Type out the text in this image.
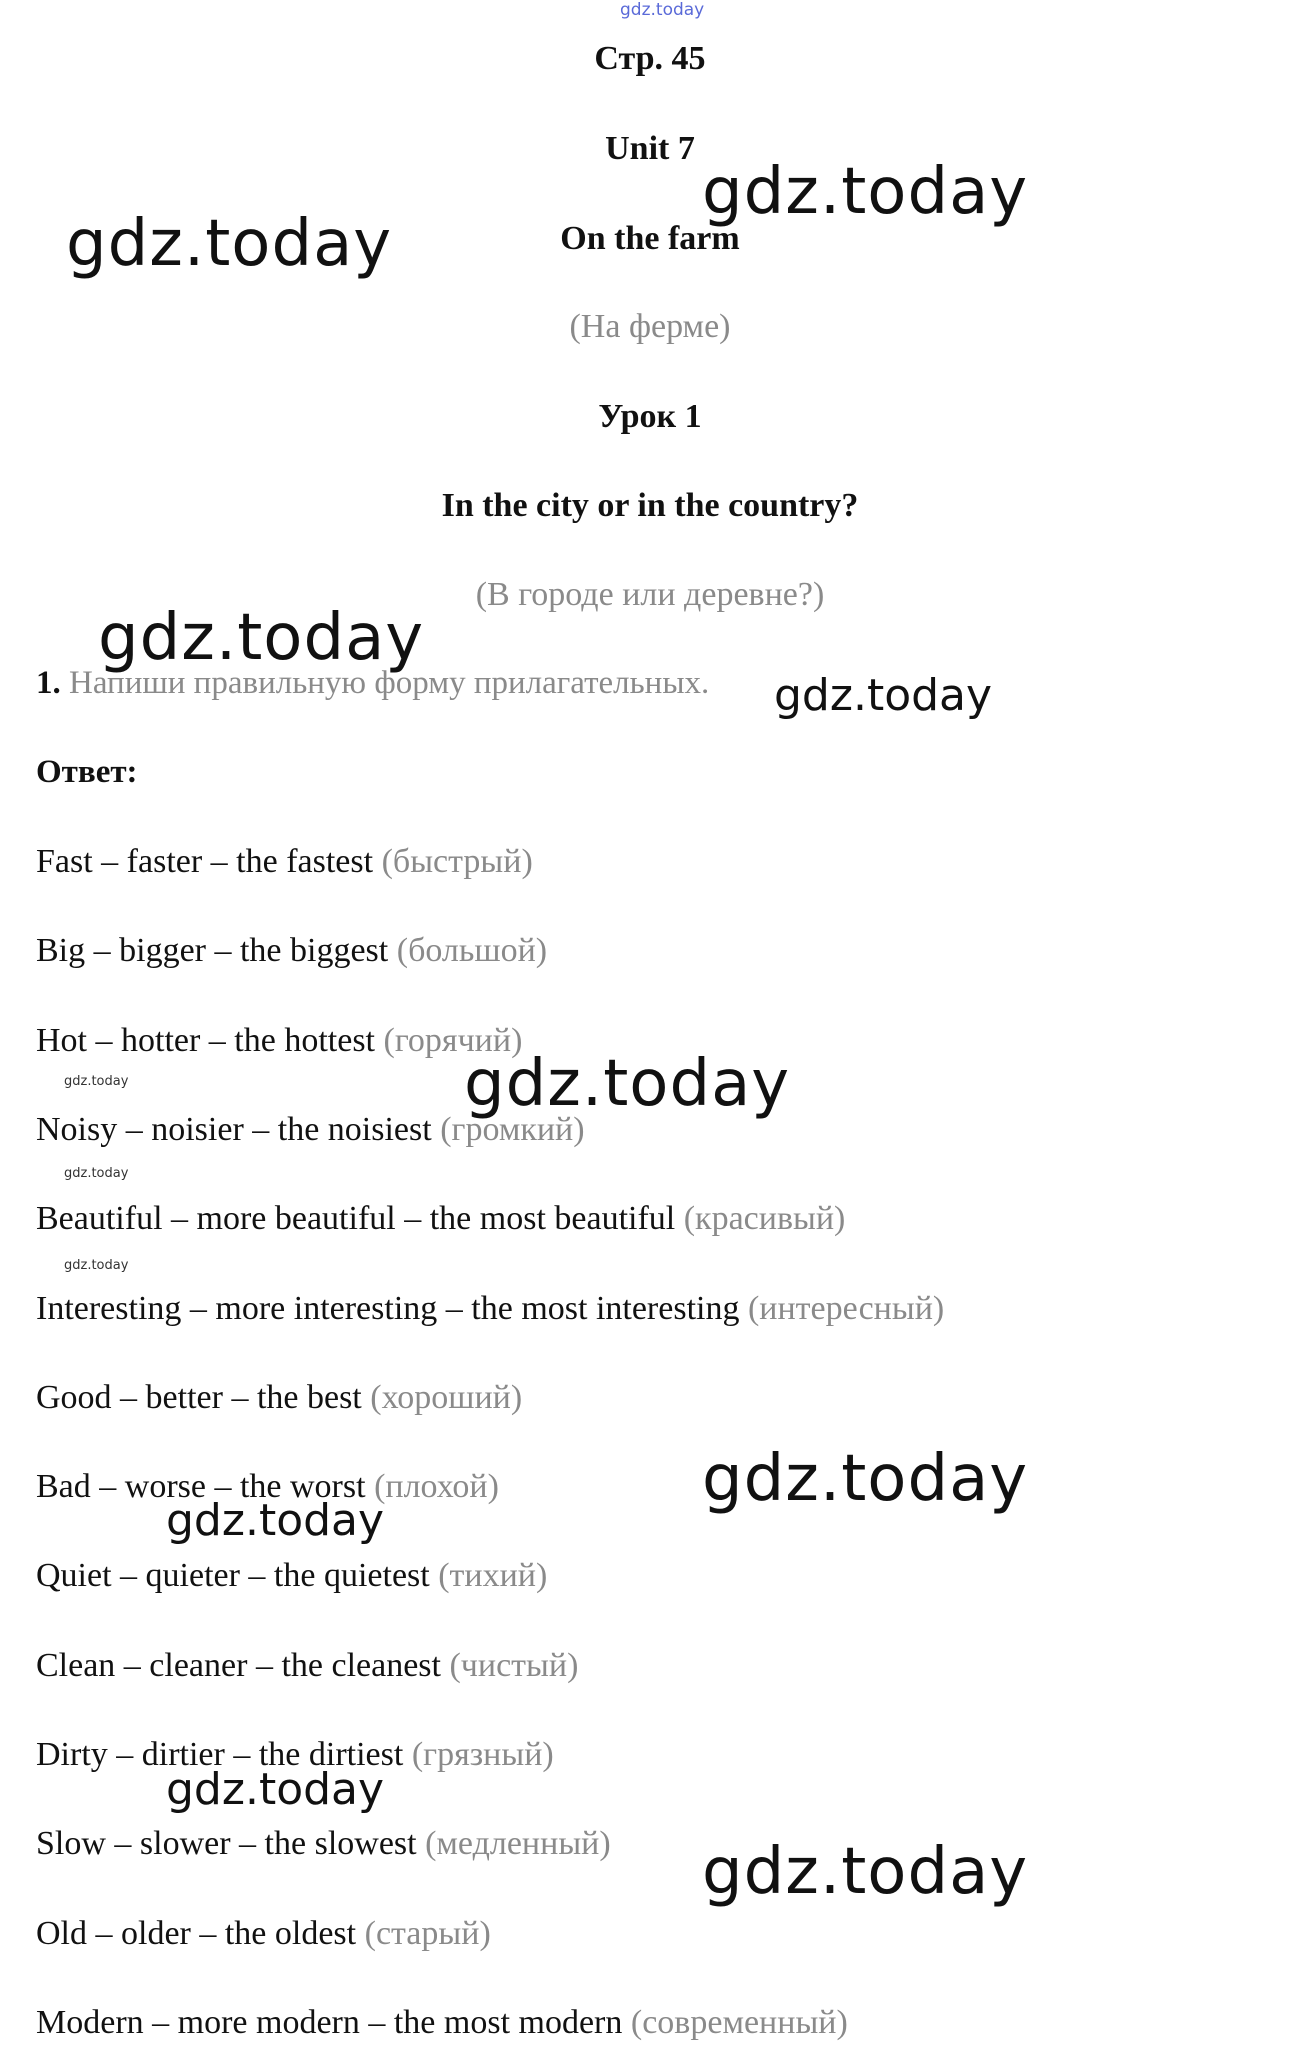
gdz.today
Стр. 45
Unit 7
On the farm
(На ферме)
Урок 1
In the city or in the country?
(В городе или деревне?)
1. Напиши правильную форму прилагательных.
Ответ:
Fast – faster – the fastest (быстрый)
Big – bigger – the biggest (большой)
Hot – hotter – the hottest (горячий)
Noisy – noisier – the noisiest (громкий)
Beautiful – more beautiful – the most beautiful (красивый)
Interesting – more interesting – the most interesting (интересный)
Good – better – the best (хороший)
Bad – worse – the worst (плохой)
Quiet – quieter – the quietest (тихий)
Clean – cleaner – the cleanest (чистый)
Dirty – dirtier – the dirtiest (грязный)
Slow – slower – the slowest (медленный)
Old – older – the oldest (старый)
Modern – more modern – the most modern (современный)
gdz.today
gdz.today
gdz.today
gdz.today
gdz.today	gdz.today
gdz.today
gdz.today
gdz.today
gdz.today
gdz.today
gdz.today
